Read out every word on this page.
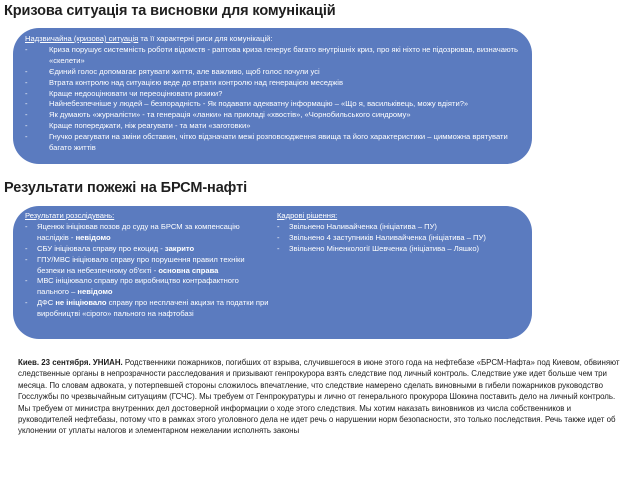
Кризова ситуація та висновки для комунікацій
Надзвичайна (кризова) ситуація та її характерні риси для комунікацій:
-	Криза порушує системність роботи відомств - раптова криза генерує багато внутрішніх криз, про які ніхто не підозрював, визначають «скелети»
-	Єдиний голос допомагає рятувати життя, але важливо, щоб голос почули усі
-	Втрата контролю над ситуацією веде до втрати контролю над генерацією меседжів
-	Краще недооцінювати чи переоцінювати ризики?
-	Найнебезпечніше у людей – безпорадність - Як подавати адекватну інформацію – «Що я, васильківець, можу вдіяти?»
-	Як думають «журналісти» - та генерація «ланки» на прикладі «хвостів», «Чорнобильського синдрому»
-	Краще попереджати, ніж реагувати - та мати «заготовки»
-	Гнучко реагувати на зміни обставин, чітко відзначати межі розповсюдження явища та його характеристики – цимможна врятувати багато життів
Результати пожежі на БРСМ-нафті
Результати розслідувань:
- Яценюк ініціював позов до суду на БРСМ за компенсацію наслідків - невідомо
- СБУ ініціювала справу про екоцид - закрито
- ГПУ/МВС ініціювало справу про порушення правил техніки безпеки на небезпечному об'єкті - основна справа
- МВС ініціювало справу про виробництво контрафактного пального – невідомо
- ДФС не ініціювало справу про несплачені акцизи та податки при виробництві «сірого» пального на нафтобазі
Кадрові рішення:
- Звільнено Наливайченка (ініціатива – ПУ)
- Звільнено 4 заступників Наливайченка (ініціатива – ПУ)
- Звільнено Міненкології Шевченка (ініціатива – Ляшко)
Киев. 23 сентября. УНИАН. Родственники пожарников, погибших от взрыва, случившегося в июне этого года на нефтебазе «БРСМ-Нафта» под Киевом, обвиняют следственные органы в непрозрачности расследования и призывают генпрокурора взять следствие под личный контроль. Следствие уже идет больше чем три месяца. По словам адвоката, у потерпевшей стороны сложилось впечатление, что следствие намерено сделать виновными в гибели пожарников руководство Госслужбы по чрезвычайным ситуациям (ГСЧС). Мы требуем от Генпрокуратуры и лично от генерального прокурора Шокина поставить дело на личный контроль. Мы требуем от министра внутренних дел достоверной информации о ходе этого следствия. Мы хотим наказать виновников из числа собственников и руководителей нефтебазы, потому что в рамках этого уголовного дела не идет речь о нарушении норм безопасности, это только последствия. Речь также идет об уклонении от уплаты налогов и элементарном нежелании исполнять законы
